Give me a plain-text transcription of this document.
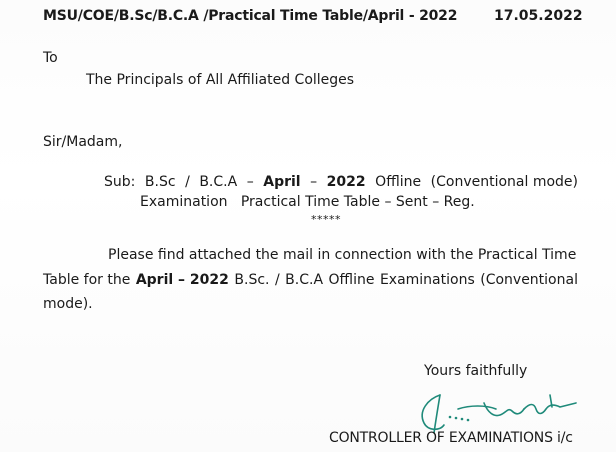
MSU/COE/B.Sc/B.C.A /Practical Time Table/April - 2022	17.05.2022
To
The Principals of All Affiliated Colleges
Sir/Madam,
Sub: B.Sc / B.C.A – April – 2022 Offline (Conventional mode)
Examination   Practical Time Table – Sent – Reg.
*****
Please find attached the mail in connection with the Practical Time
Table for the April – 2022 B.Sc. / B.C.A Offline Examinations (Conventional
mode).
Yours faithfully
CONTROLLER OF EXAMINATIONS i/c
